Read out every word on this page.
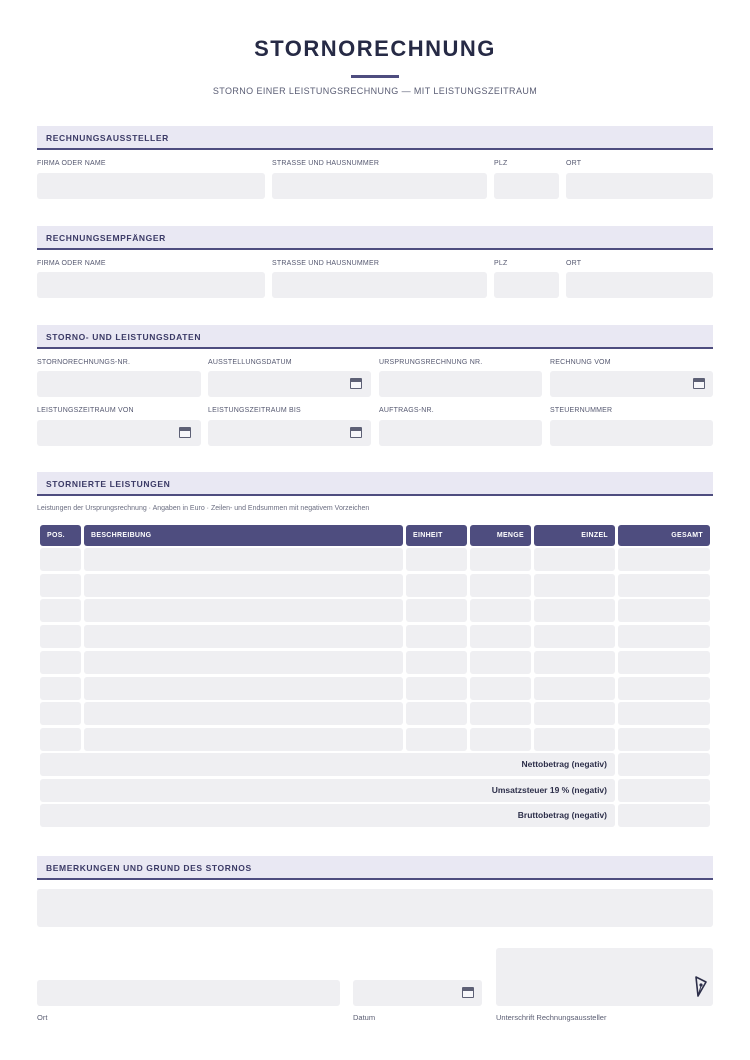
STORNORECHNUNG
STORNO EINER LEISTUNGSRECHNUNG — MIT LEISTUNGSZEITRAUM
RECHNUNGSAUSSTELLER
FIRMA ODER NAME	STRASSE UND HAUSNUMMER	PLZ	ORT
RECHNUNGSEMPFÄNGER
FIRMA ODER NAME	STRASSE UND HAUSNUMMER	PLZ	ORT
STORNO- UND LEISTUNGSDATEN
STORNORECHNUNGS-NR.	AUSSTELLUNGSDATUM	URSPRUNGSRECHNUNG NR.	RECHNUNG VOM
LEISTUNGSZEITRAUM VON	LEISTUNGSZEITRAUM BIS	AUFTRAGS-NR.	STEUERNUMMER
STORNIERTE LEISTUNGEN
Leistungen der Ursprungsrechnung · Angaben in Euro · Zeilen- und Endsummen mit negativem Vorzeichen
POS.	BESCHREIBUNG	EINHEIT	MENGE	EINZEL	GESAMT
Nettobetrag (negativ)
Umsatzsteuer 19 % (negativ)
Bruttobetrag (negativ)
BEMERKUNGEN UND GRUND DES STORNOS
Ort	Datum	Unterschrift Rechnungsaussteller
